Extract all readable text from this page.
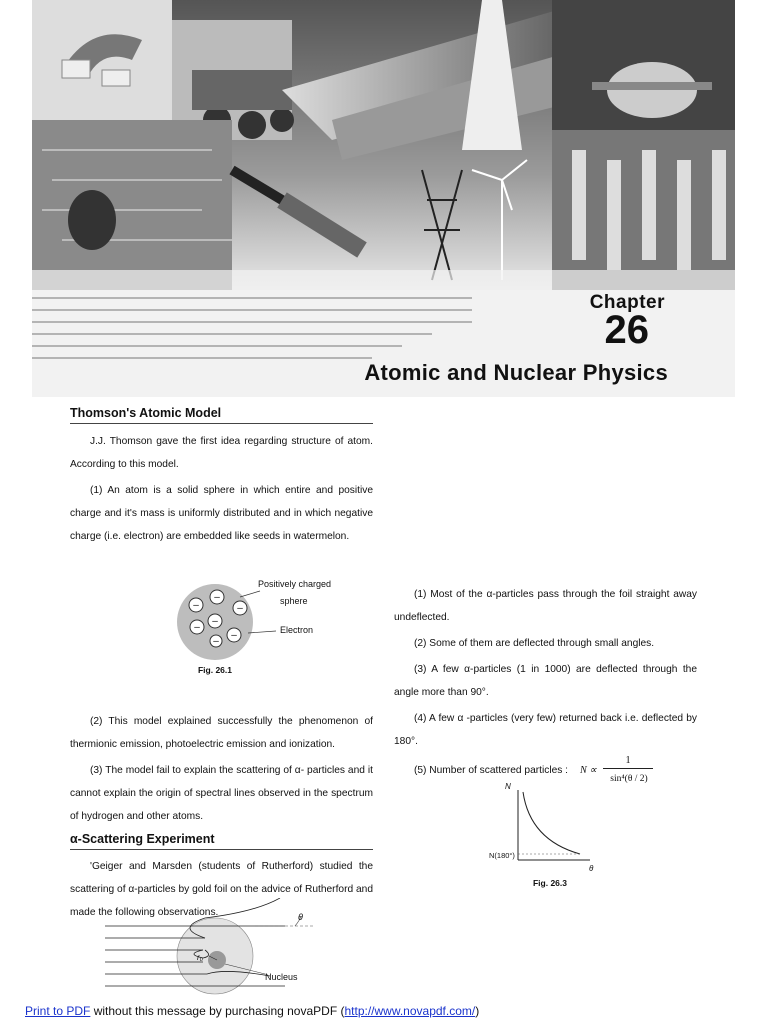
Chapter
26
Atomic and Nuclear Physics
Thomson's Atomic Model

J.J. Thomson gave the first idea regarding structure of atom. According to this model.

(1) An atom is a solid sphere in which entire and positive charge and it's mass is uniformly distributed and in which negative charge (i.e. electron) are embedded like seeds in watermelon.

–
–	–
–
–
–
–
Positively charged
sphere
Electron
Fig. 26.1

(2) This model explained successfully the phenomenon of thermionic emission, photoelectric emission and ionization.

(3) The model fail to explain the scattering of α- particles and it cannot explain the origin of spectral lines observed in the spectrum of hydrogen and other atoms.

α-Scattering Experiment

'Geiger and Marsden (students of Rutherford) studied the scattering of α-particles by gold foil on the advice of Rutherford and made the following observations.	θ
r₀
Nucleus

(1) Most of the α-particles pass through the foil straight away undeflected.

(2) Some of them are deflected through small angles.

(3) A few α-particles (1 in 1000) are deflected through the angle more than 90°.

(4) A few α -particles (very few) returned back i.e. deflected by 180°.

(5) Number of scattered particles : N ∝
1
sin⁴(θ / 2)
N
θ
N(180°)
Fig. 26.3
Print to PDF without this message by purchasing novaPDF (http://www.novapdf.com/)
